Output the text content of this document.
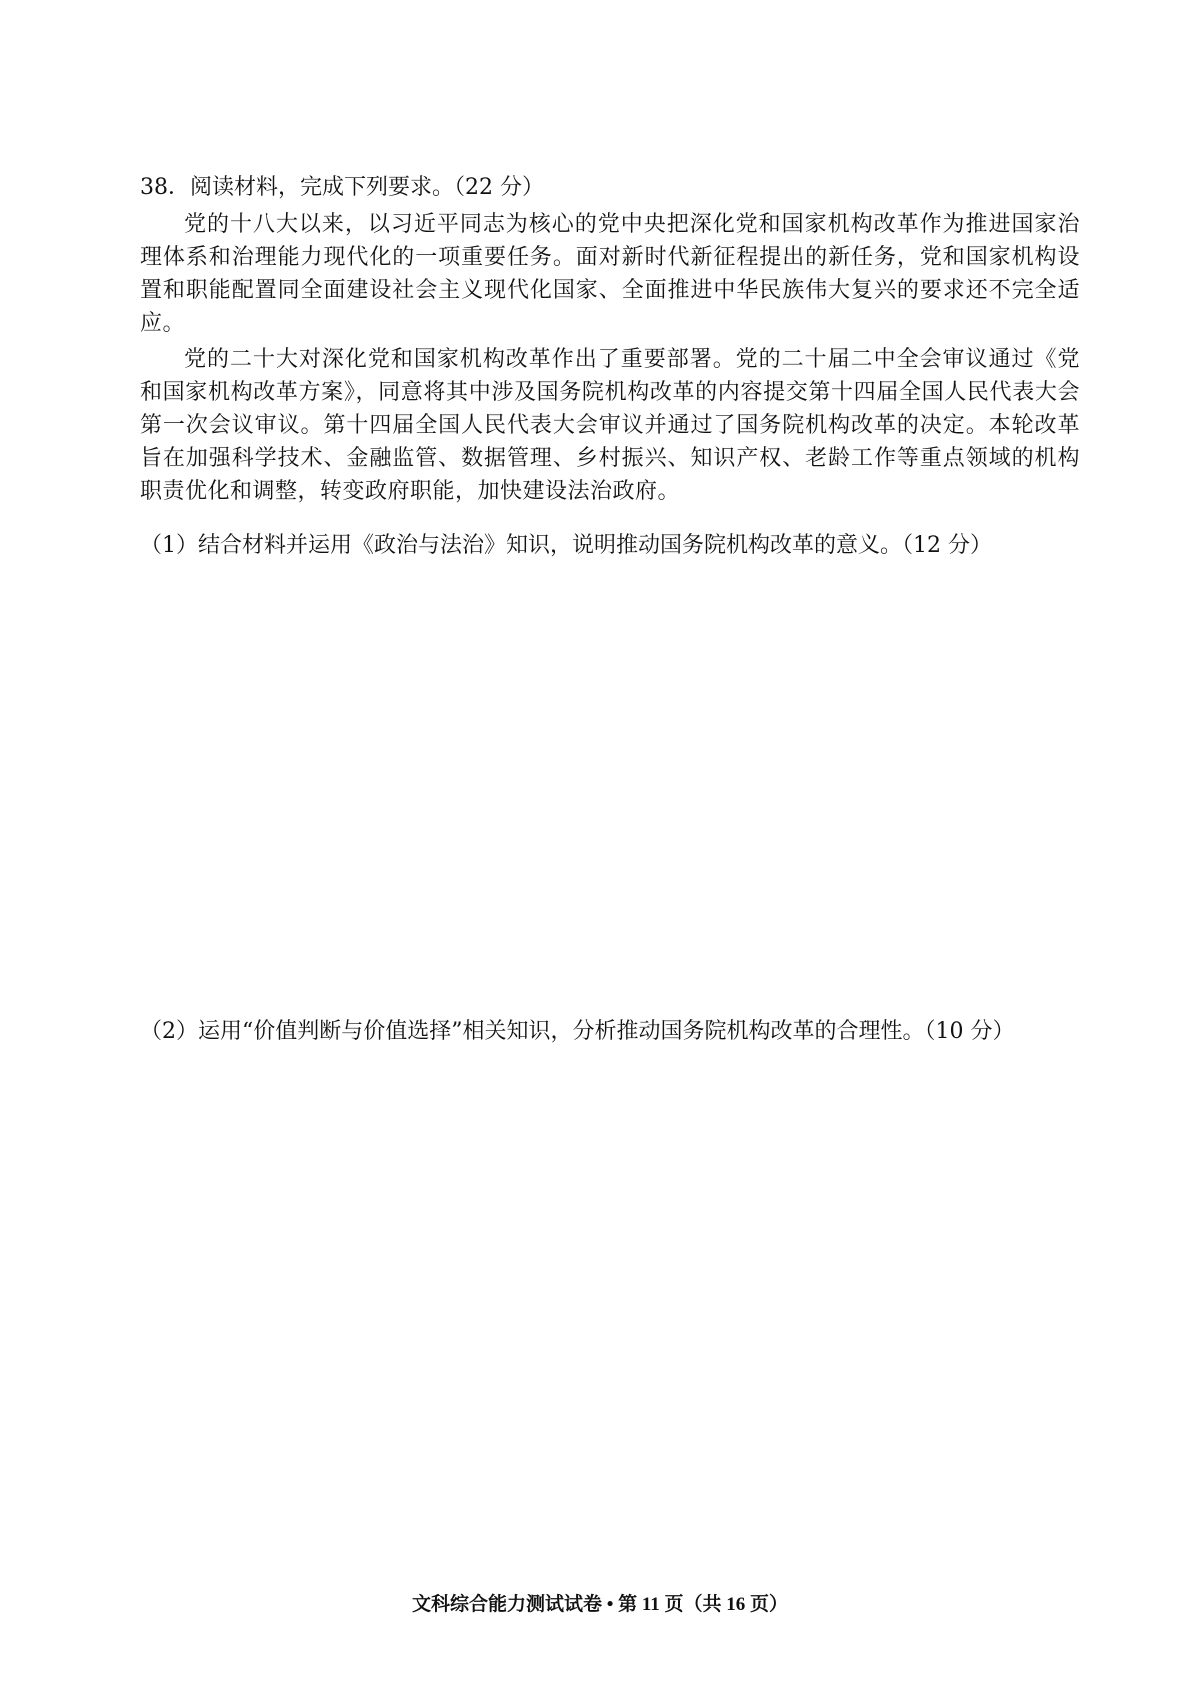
38．阅读材料，完成下列要求。（22 分）
党的十八大以来，以习近平同志为核心的党中央把深化党和国家机构改革作为推进国家治理体系和治理能力现代化的一项重要任务。面对新时代新征程提出的新任务，党和国家机构设置和职能配置同全面建设社会主义现代化国家、全面推进中华民族伟大复兴的要求还不完全适应。
党的二十大对深化党和国家机构改革作出了重要部署。党的二十届二中全会审议通过《党和国家机构改革方案》，同意将其中涉及国务院机构改革的内容提交第十四届全国人民代表大会第一次会议审议。第十四届全国人民代表大会审议并通过了国务院机构改革的决定。本轮改革旨在加强科学技术、金融监管、数据管理、乡村振兴、知识产权、老龄工作等重点领域的机构职责优化和调整，转变政府职能，加快建设法治政府。
（1）结合材料并运用《政治与法治》知识，说明推动国务院机构改革的意义。（12 分）
（2）运用“价值判断与价值选择”相关知识，分析推动国务院机构改革的合理性。（10 分）
文科综合能力测试试卷 • 第 11 页（共 16 页）
